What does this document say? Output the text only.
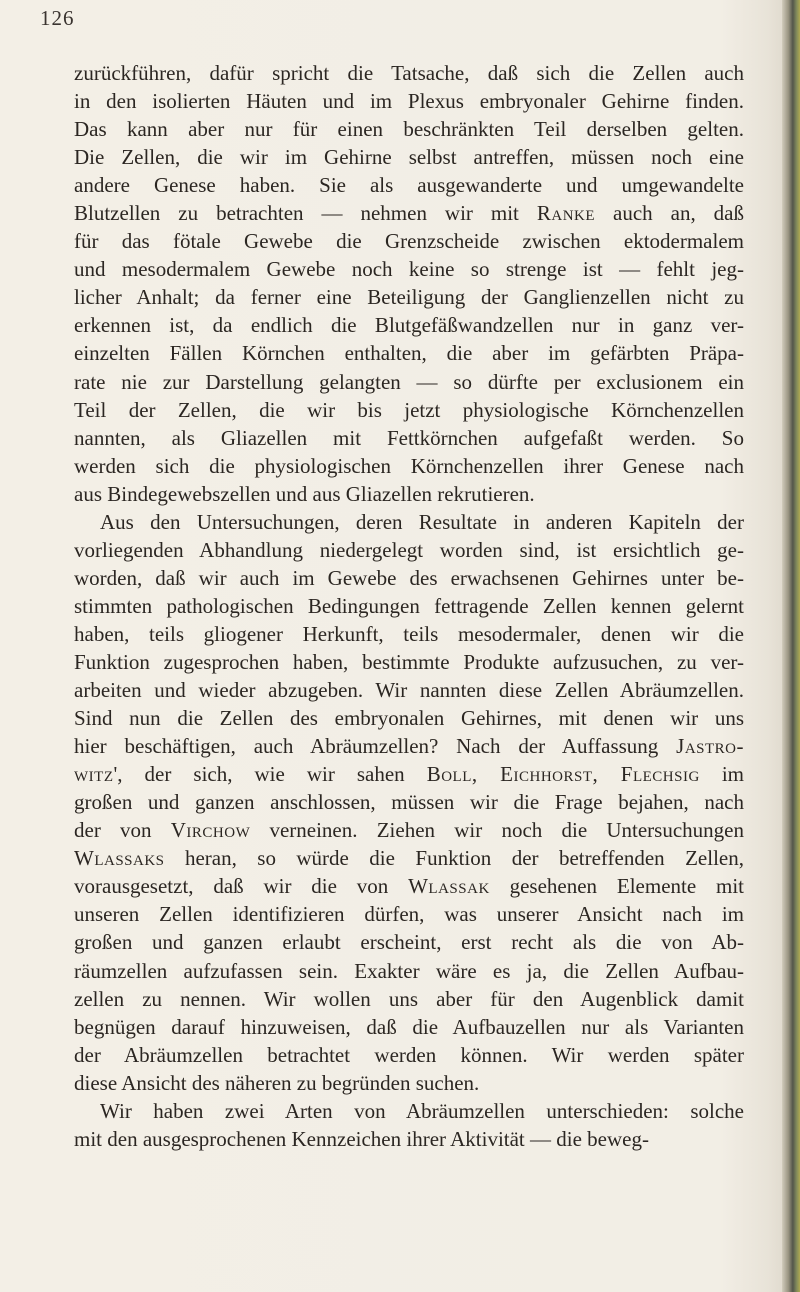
126
zurückführen, dafür spricht die Tatsache, daß sich die Zellen auch
in den isolierten Häuten und im Plexus embryonaler Gehirne finden.
Das kann aber nur für einen beschränkten Teil derselben gelten.
Die Zellen, die wir im Gehirne selbst antreffen, müssen noch eine
andere Genese haben. Sie als ausgewanderte und umgewandelte
Blutzellen zu betrachten — nehmen wir mit Ranke auch an, daß
für das fötale Gewebe die Grenzscheide zwischen ektodermalem
und mesodermalem Gewebe noch keine so strenge ist — fehlt jeg-
licher Anhalt; da ferner eine Beteiligung der Ganglienzellen nicht zu
erkennen ist, da endlich die Blutgefäßwandzellen nur in ganz ver-
einzelten Fällen Körnchen enthalten, die aber im gefärbten Präpa-
rate nie zur Darstellung gelangten — so dürfte per exclusionem ein
Teil der Zellen, die wir bis jetzt physiologische Körnchenzellen
nannten, als Gliazellen mit Fettkörnchen aufgefaßt werden. So
werden sich die physiologischen Körnchenzellen ihrer Genese nach
aus Bindegewebszellen und aus Gliazellen rekrutieren.
Aus den Untersuchungen, deren Resultate in anderen Kapiteln der
vorliegenden Abhandlung niedergelegt worden sind, ist ersichtlich ge-
worden, daß wir auch im Gewebe des erwachsenen Gehirnes unter be-
stimmten pathologischen Bedingungen fettragende Zellen kennen gelernt
haben, teils gliogener Herkunft, teils mesodermaler, denen wir die
Funktion zugesprochen haben, bestimmte Produkte aufzusuchen, zu ver-
arbeiten und wieder abzugeben. Wir nannten diese Zellen Abräumzellen.
Sind nun die Zellen des embryonalen Gehirnes, mit denen wir uns
hier beschäftigen, auch Abräumzellen? Nach der Auffassung Jastro-
witz', der sich, wie wir sahen Boll, Eichhorst, Flechsig im
großen und ganzen anschlossen, müssen wir die Frage bejahen, nach
der von Virchow verneinen. Ziehen wir noch die Untersuchungen
Wlassaks heran, so würde die Funktion der betreffenden Zellen,
vorausgesetzt, daß wir die von Wlassak gesehenen Elemente mit
unseren Zellen identifizieren dürfen, was unserer Ansicht nach im
großen und ganzen erlaubt erscheint, erst recht als die von Ab-
räumzellen aufzufassen sein. Exakter wäre es ja, die Zellen Aufbau-
zellen zu nennen. Wir wollen uns aber für den Augenblick damit
begnügen darauf hinzuweisen, daß die Aufbauzellen nur als Varianten
der Abräumzellen betrachtet werden können. Wir werden später
diese Ansicht des näheren zu begründen suchen.
Wir haben zwei Arten von Abräumzellen unterschieden: solche
mit den ausgesprochenen Kennzeichen ihrer Aktivität — die beweg-
